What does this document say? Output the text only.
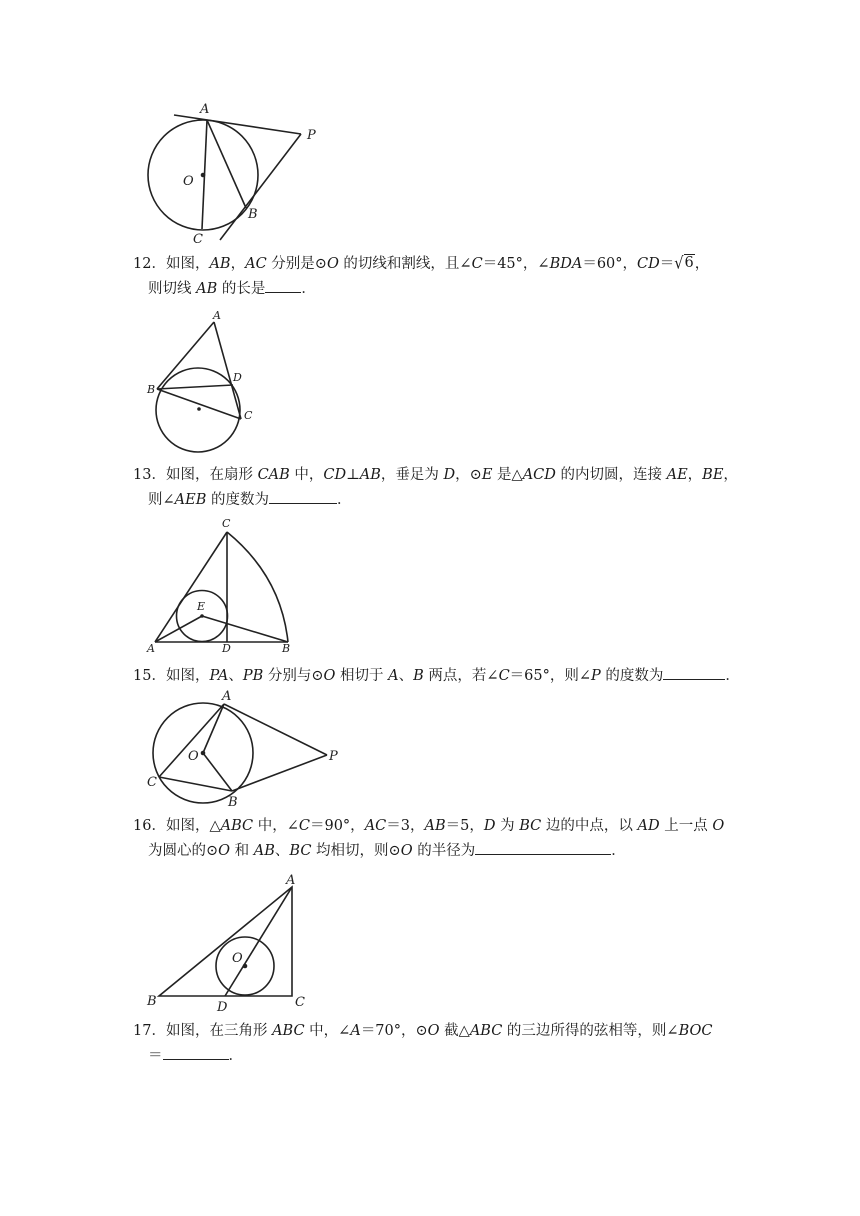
A
P
O
B
C
12．如图，AB，AC 分别是⊙O 的切线和割线，且∠C＝45°，∠BDA＝60°，CD＝ √ 6 ，
则切线 AB 的长是 ．
A
B
D
C
13．如图，在扇形 CAB 中，CD⊥AB，垂足为 D，⊙E 是△ACD 的内切圆，连接 AE，BE，
则∠AEB 的度数为	．
C
E
A	D	B
15．如图，PA、PB 分别与⊙O 相切于 A、B 两点，若∠C＝65°，则∠P 的度数为	．
A
O	P
C
B
16．如图，△ABC 中，∠C＝90°，AC＝3，AB＝5，D 为 BC 边的中点，以 AD 上一点 O
为圆心的⊙O 和 AB、BC 均相切，则⊙O 的半径为	．
A
O
B	D	C
17．如图，在三角形 ABC 中，∠A＝70°，⊙O 截△ABC 的三边所得的弦相等，则∠BOC
＝	．
